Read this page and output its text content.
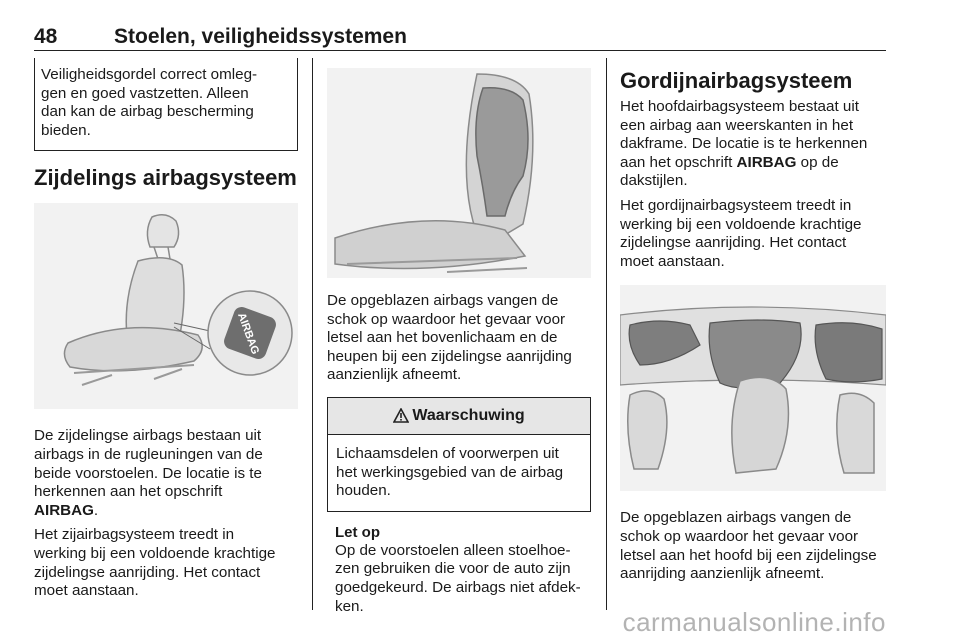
48	Stoelen, veiligheidssystemen

Veiligheidsgordel correct omleg-

gen en goed vastzetten. Alleen

dan kan de airbag bescherming

bieden.

Zijdelings airbagsysteem
AIRBAG

De zijdelingse airbags bestaan uit

airbags in de rugleuningen van de

beide voorstoelen. De locatie is te

herkennen aan het opschrift

AIRBAG.

Het zijairbagsysteem treedt in

werking bij een voldoende krachtige

zijdelingse aanrijding. Het contact

moet aanstaan.

De opgeblazen airbags vangen de

schok op waardoor het gevaar voor

letsel aan het bovenlichaam en de

heupen bij een zijdelingse aanrijding

aanzienlijk afneemt.

Waarschuwing

Lichaamsdelen of voorwerpen uit

het werkingsgebied van de airbag

houden.

Let op

Op de voorstoelen alleen stoelhoe-

zen gebruiken die voor de auto zijn

goedgekeurd. De airbags niet afdek-

ken.

Gordijnairbagsysteem

Het hoofdairbagsysteem bestaat uit

een airbag aan weerskanten in het

dakframe. De locatie is te herkennen

aan het opschrift AIRBAG op de

dakstijlen.

Het gordijnairbagsysteem treedt in

werking bij een voldoende krachtige

zijdelingse aanrijding. Het contact

moet aanstaan.

De opgeblazen airbags vangen de

schok op waardoor het gevaar voor

letsel aan het hoofd bij een zijdelingse

aanrijding aanzienlijk afneemt.

carmanualsonline.info
